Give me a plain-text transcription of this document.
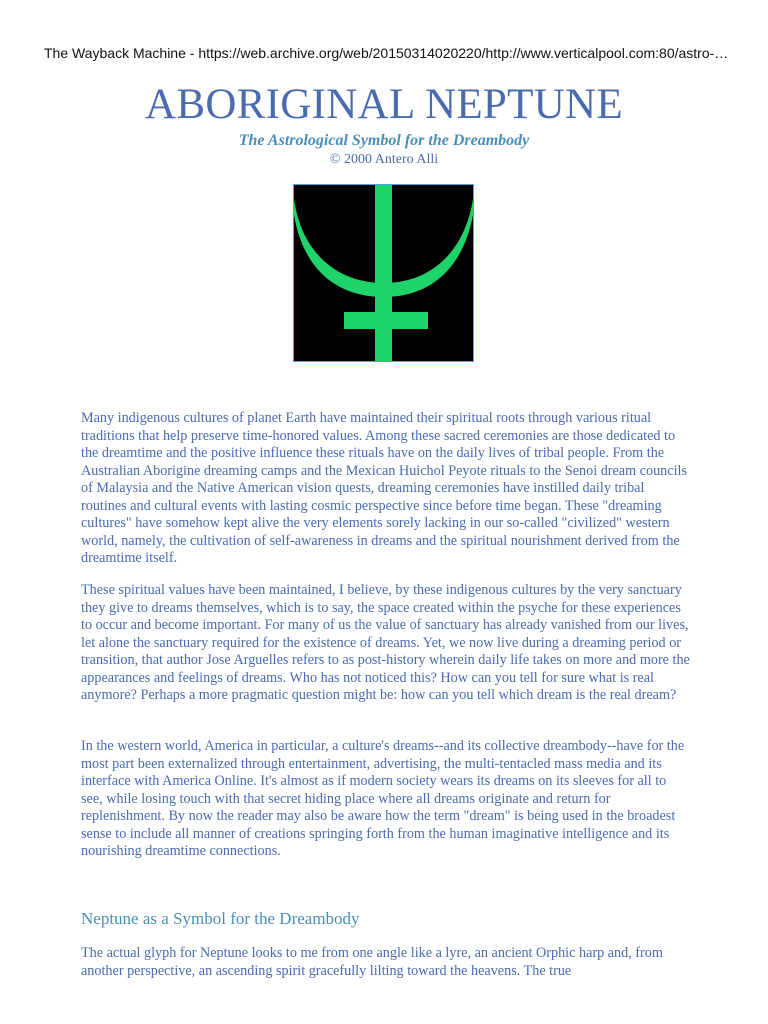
The Wayback Machine - https://web.archive.org/web/20150314020220/http://www.verticalpool.com:80/astro-…
ABORIGINAL NEPTUNE
The Astrological Symbol for the Dreambody
© 2000 Antero Alli

Many indigenous cultures of planet Earth have maintained their spiritual roots through various ritual traditions that help preserve time-honored values. Among these sacred ceremonies are those dedicated to the dreamtime and the positive influence these rituals have on the daily lives of tribal people. From the Australian Aborigine dreaming camps and the Mexican Huichol Peyote rituals to the Senoi dream councils of Malaysia and the Native American vision quests, dreaming ceremonies have instilled daily tribal routines and cultural events with lasting cosmic perspective since before time began. These "dreaming cultures" have somehow kept alive the very elements sorely lacking in our so-called "civilized" western world, namely, the cultivation of self-awareness in dreams and the spiritual nourishment derived from the dreamtime itself.

These spiritual values have been maintained, I believe, by these indigenous cultures by the very sanctuary they give to dreams themselves, which is to say, the space created within the psyche for these experiences to occur and become important. For many of us the value of sanctuary has already vanished from our lives, let alone the sanctuary required for the existence of dreams. Yet, we now live during a dreaming period or transition, that author Jose Arguelles refers to as post-history wherein daily life takes on more and more the appearances and feelings of dreams. Who has not noticed this? How can you tell for sure what is real anymore? Perhaps a more pragmatic question might be: how can you tell which dream is the real dream?

In the western world, America in particular, a culture's dreams--and its collective dreambody--have for the most part been externalized through entertainment, advertising, the multi-tentacled mass media and its interface with America Online. It's almost as if modern society wears its dreams on its sleeves for all to see, while losing touch with that secret hiding place where all dreams originate and return for replenishment. By now the reader may also be aware how the term "dream" is being used in the broadest sense to include all manner of creations springing forth from the human imaginative intelligence and its nourishing dreamtime connections.

Neptune as a Symbol for the Dreambody

The actual glyph for Neptune looks to me from one angle like a lyre, an ancient Orphic harp and, from another perspective, an ascending spirit gracefully lilting toward the heavens. The true
